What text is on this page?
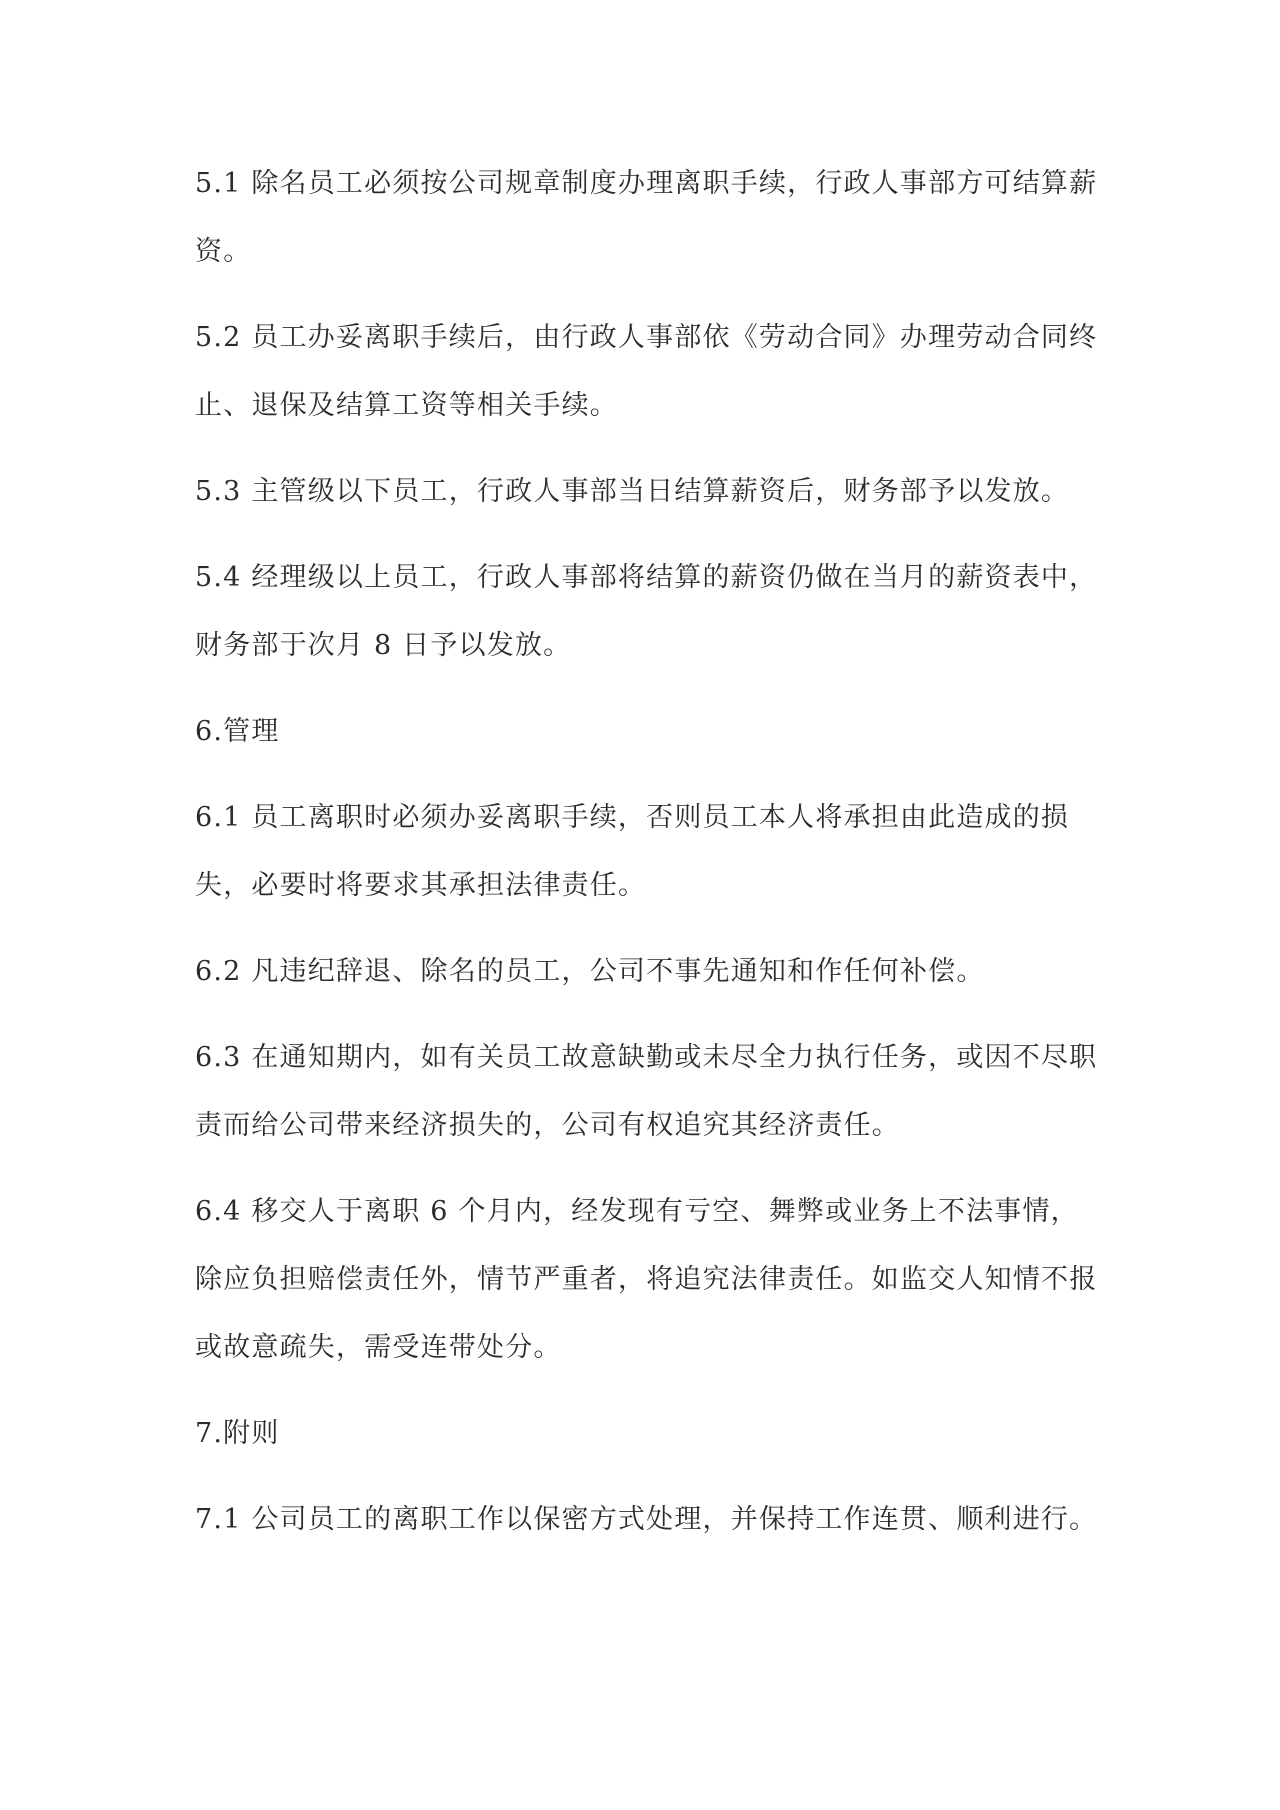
5.1 除名员工必须按公司规章制度办理离职手续，行政人事部方可结算薪资。

5.2 员工办妥离职手续后，由行政人事部依《劳动合同》办理劳动合同终止、退保及结算工资等相关手续。

5.3 主管级以下员工，行政人事部当日结算薪资后，财务部予以发放。

5.4 经理级以上员工，行政人事部将结算的薪资仍做在当月的薪资表中，财务部于次月 8 日予以发放。

6.管理

6.1 员工离职时必须办妥离职手续，否则员工本人将承担由此造成的损失，必要时将要求其承担法律责任。

6.2 凡违纪辞退、除名的员工，公司不事先通知和作任何补偿。

6.3 在通知期内，如有关员工故意缺勤或未尽全力执行任务，或因不尽职责而给公司带来经济损失的，公司有权追究其经济责任。

6.4 移交人于离职 6 个月内，经发现有亏空、舞弊或业务上不法事情，除应负担赔偿责任外，情节严重者，将追究法律责任。如监交人知情不报或故意疏失，需受连带处分。

7.附则

7.1 公司员工的离职工作以保密方式处理，并保持工作连贯、顺利进行。
